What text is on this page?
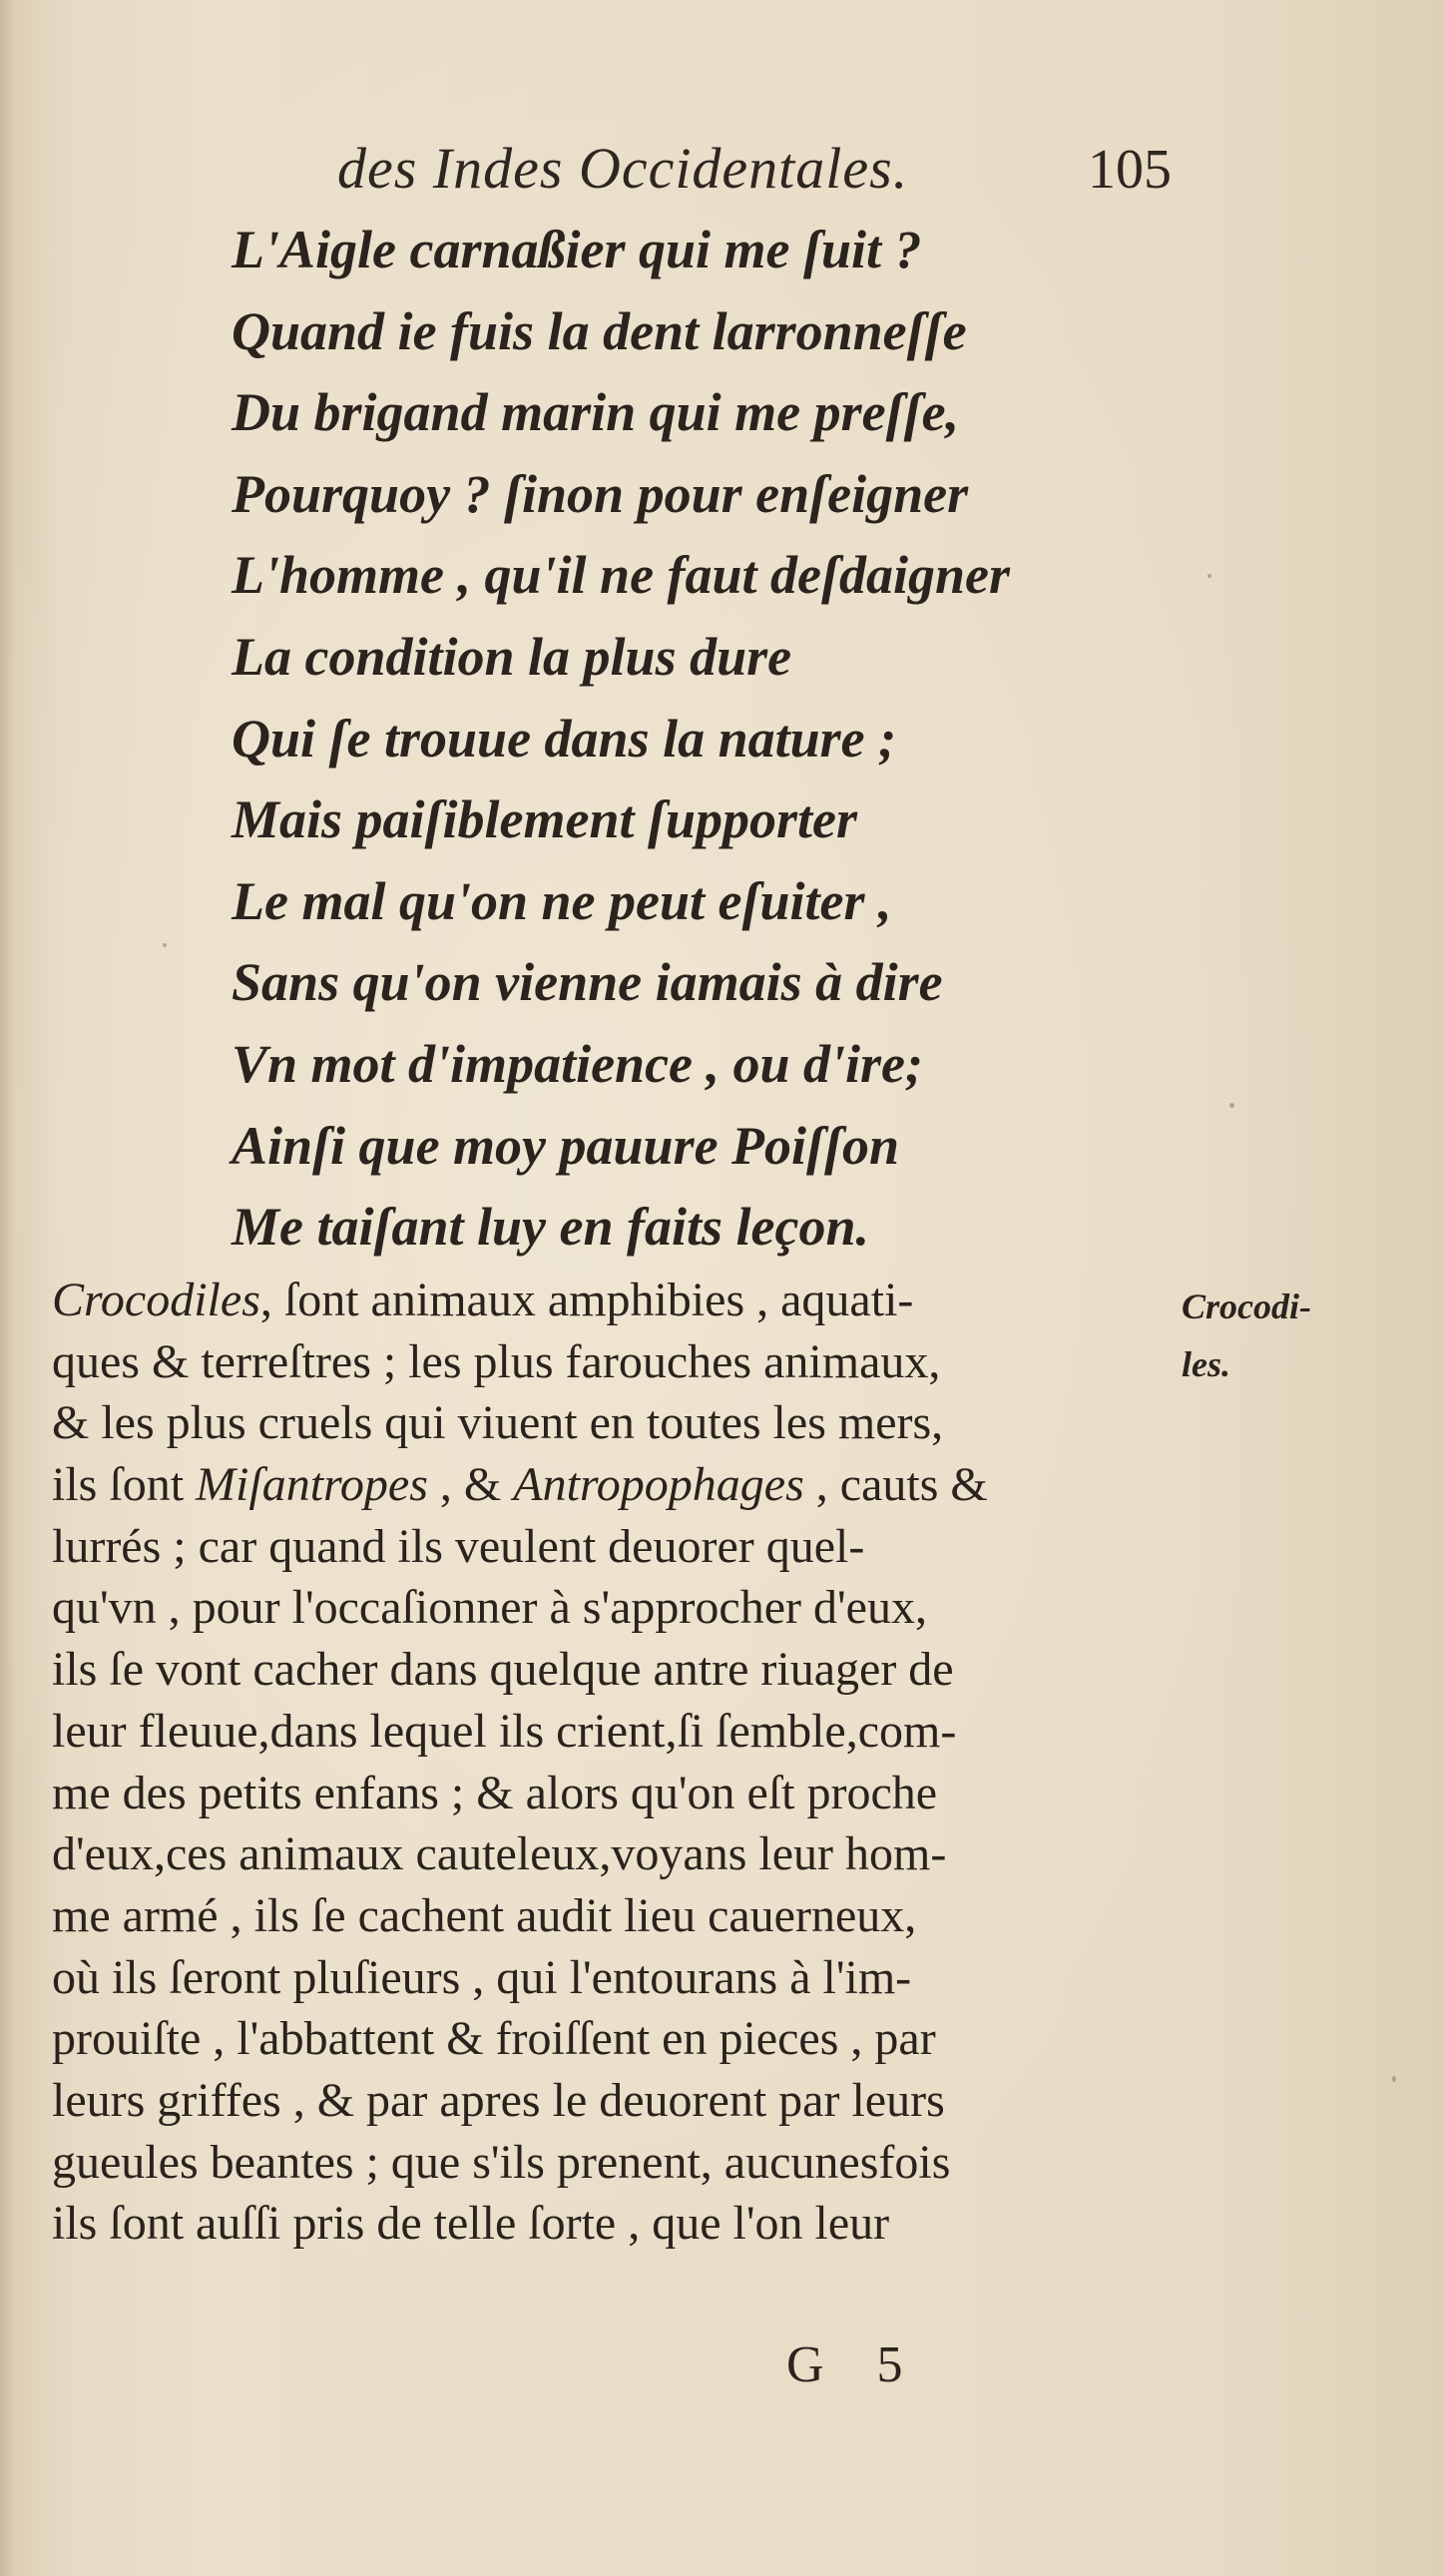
des Indes Occidentales.	105
L'Aigle carnaßier qui me ſuit ?
Quand ie fuis la dent larronneſſe
Du brigand marin qui me preſſe,
Pourquoy ? ſinon pour enſeigner
L'homme , qu'il ne faut deſdaigner
La condition la plus dure
Qui ſe trouue dans la nature ;
Mais paiſiblement ſupporter
Le mal qu'on ne peut eſuiter ,
Sans qu'on vienne iamais à dire
Vn mot d'impatience , ou d'ire;
Ainſi que moy pauure Poiſſon
Me taiſant luy en faits leçon.
Crocodiles, ſont animaux amphibies , aquati-
ques & terreſtres ; les plus farouches animaux,
& les plus cruels qui viuent en toutes les mers,
ils ſont Miſantropes , & Antropophages , cauts &
lurrés ; car quand ils veulent deuorer quel-
qu'vn , pour l'occaſionner à s'approcher d'eux,
ils ſe vont cacher dans quelque antre riuager de
leur fleuue,dans lequel ils crient,ſi ſemble,com-
me des petits enfans ; & alors qu'on eſt proche
d'eux,ces animaux cauteleux,voyans leur hom-
me armé , ils ſe cachent audit lieu cauerneux,
où ils ſeront pluſieurs , qui l'entourans à l'im-
prouiſte , l'abbattent & froiſſent en pieces , par
leurs griffes , & par apres le deuorent par leurs
gueules beantes ; que s'ils prenent, aucunesfois
ils ſont auſſi pris de telle ſorte , que l'on leur
Crocodi-
les.
G 5
